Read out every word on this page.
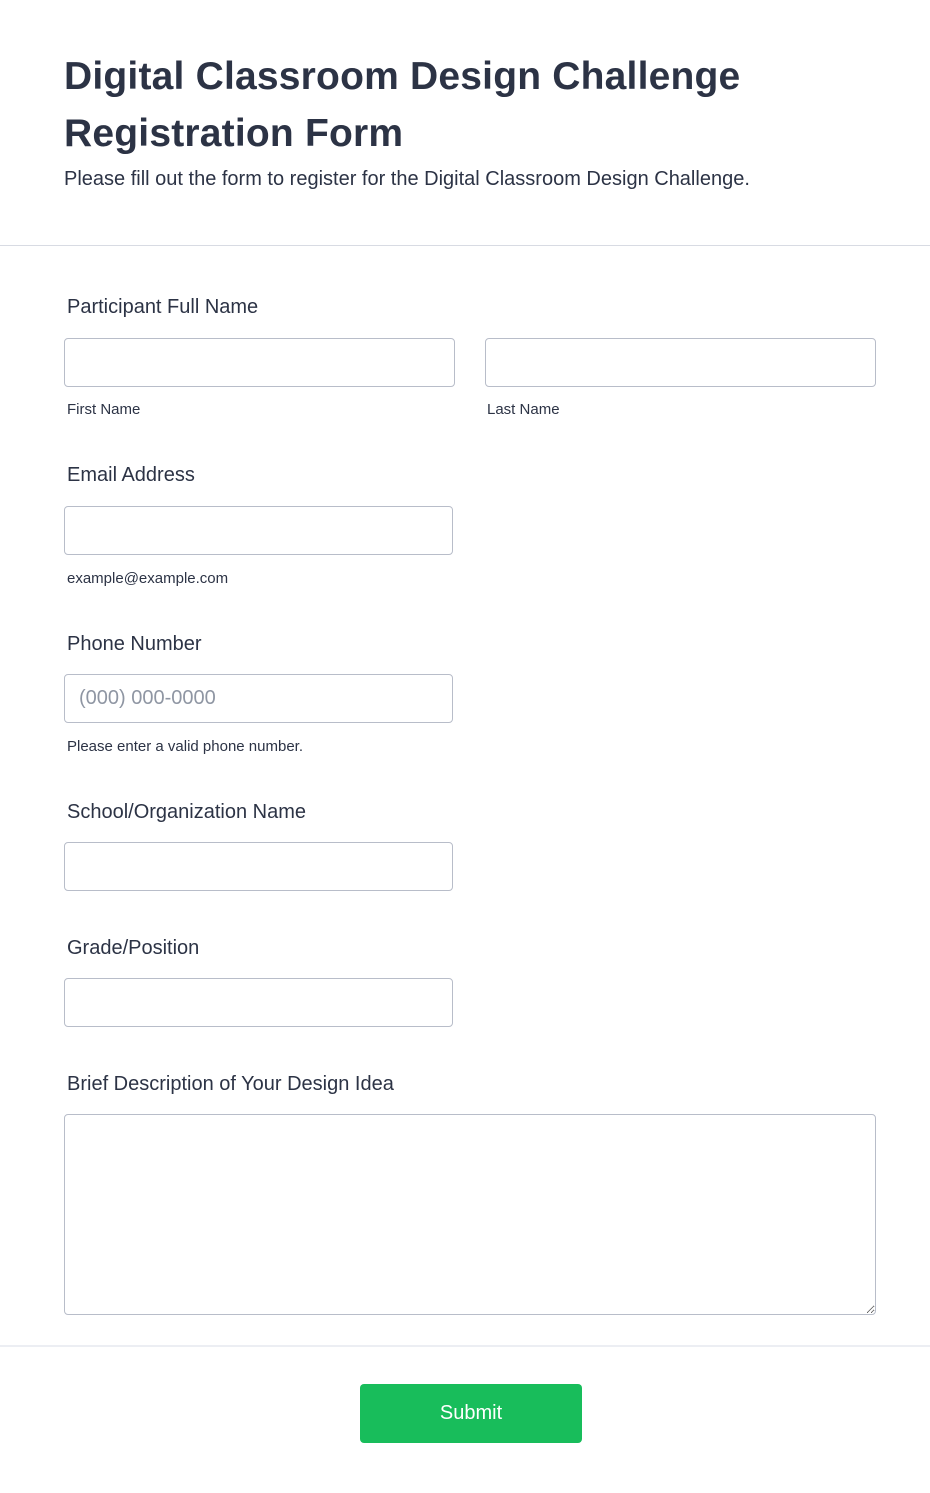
Digital Classroom Design Challenge Registration Form
Please fill out the form to register for the Digital Classroom Design Challenge.
Participant Full Name
First Name	Last Name
Email Address
example@example.com
Phone Number
(000) 000-0000
Please enter a valid phone number.
School/Organization Name
Grade/Position
Brief Description of Your Design Idea
Submit
